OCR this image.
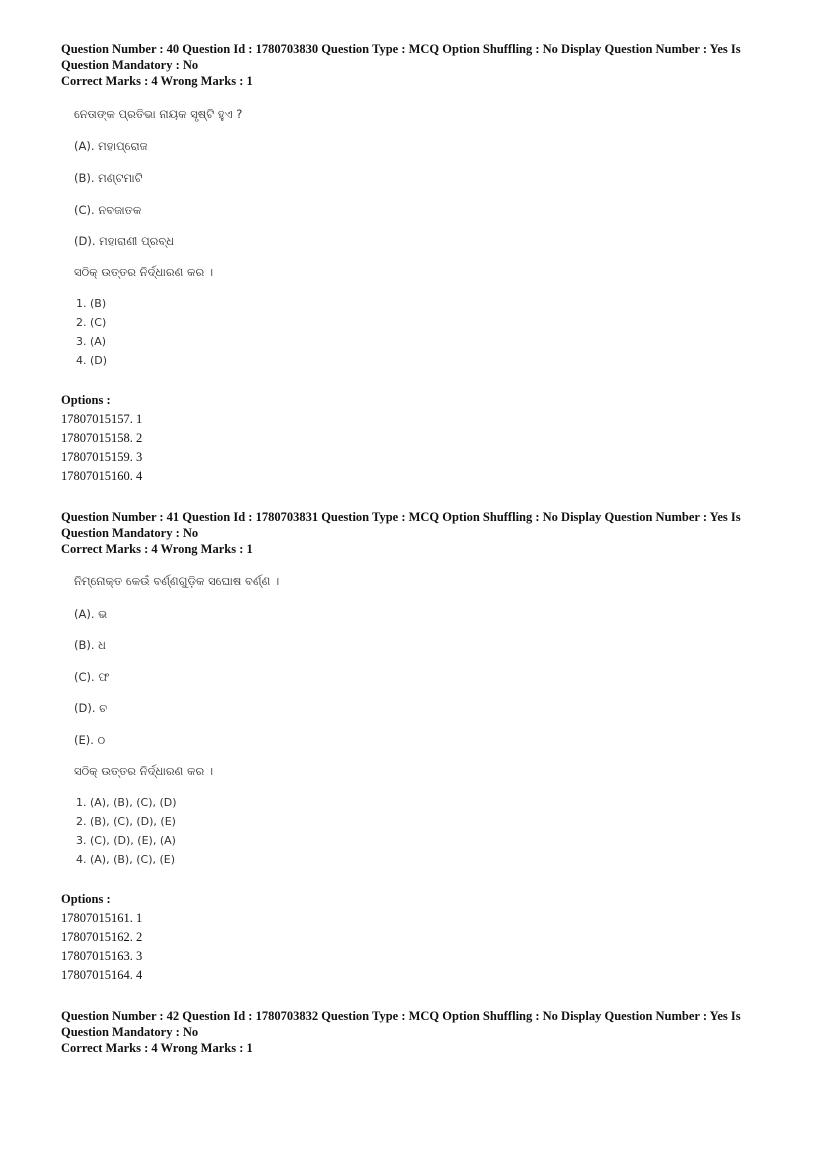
Question Number : 40 Question Id : 1780703830 Question Type : MCQ Option Shuffling : No Display Question Number : Yes Is
Question Mandatory : No
Correct Marks : 4 Wrong Marks : 1
ନେତାଙ୍କ ପ୍ରତିଭା ନାୟକ ସୃଷ୍ଟି ହୁଏ ?
(A). ମହାପ୍ରୋଜ
(B). ମଣ୍ଟମାଟି
(C). ନବଜାତକ
(D). ମହାରାଣୀ ପ୍ରବ୍ଧ
ସଠିକ୍ ଉତ୍ତର ନିର୍ଦ୍ଧାରଣ କର ।
1. (B)
2. (C)
3. (A)
4. (D)
Options :
17807015157. 1
17807015158. 2
17807015159. 3
17807015160. 4
Question Number : 41 Question Id : 1780703831 Question Type : MCQ Option Shuffling : No Display Question Number : Yes Is
Question Mandatory : No
Correct Marks : 4 Wrong Marks : 1
ନିମ୍ନୋକ୍ତ କେଉଁ ବର୍ଣ୍ଣଗୁଡ଼ିକ ସଘୋଷ ବର୍ଣ୍ଣ ।
(A). ଭ
(B). ଧ
(C). ଫ
(D). ଚ
(E). ଠ
ସଠିକ୍ ଉତ୍ତର ନିର୍ଦ୍ଧାରଣ କର ।
1. (A), (B), (C), (D)
2. (B), (C), (D), (E)
3. (C), (D), (E), (A)
4. (A), (B), (C), (E)
Options :
17807015161. 1
17807015162. 2
17807015163. 3
17807015164. 4
Question Number : 42 Question Id : 1780703832 Question Type : MCQ Option Shuffling : No Display Question Number : Yes Is
Question Mandatory : No
Correct Marks : 4 Wrong Marks : 1
